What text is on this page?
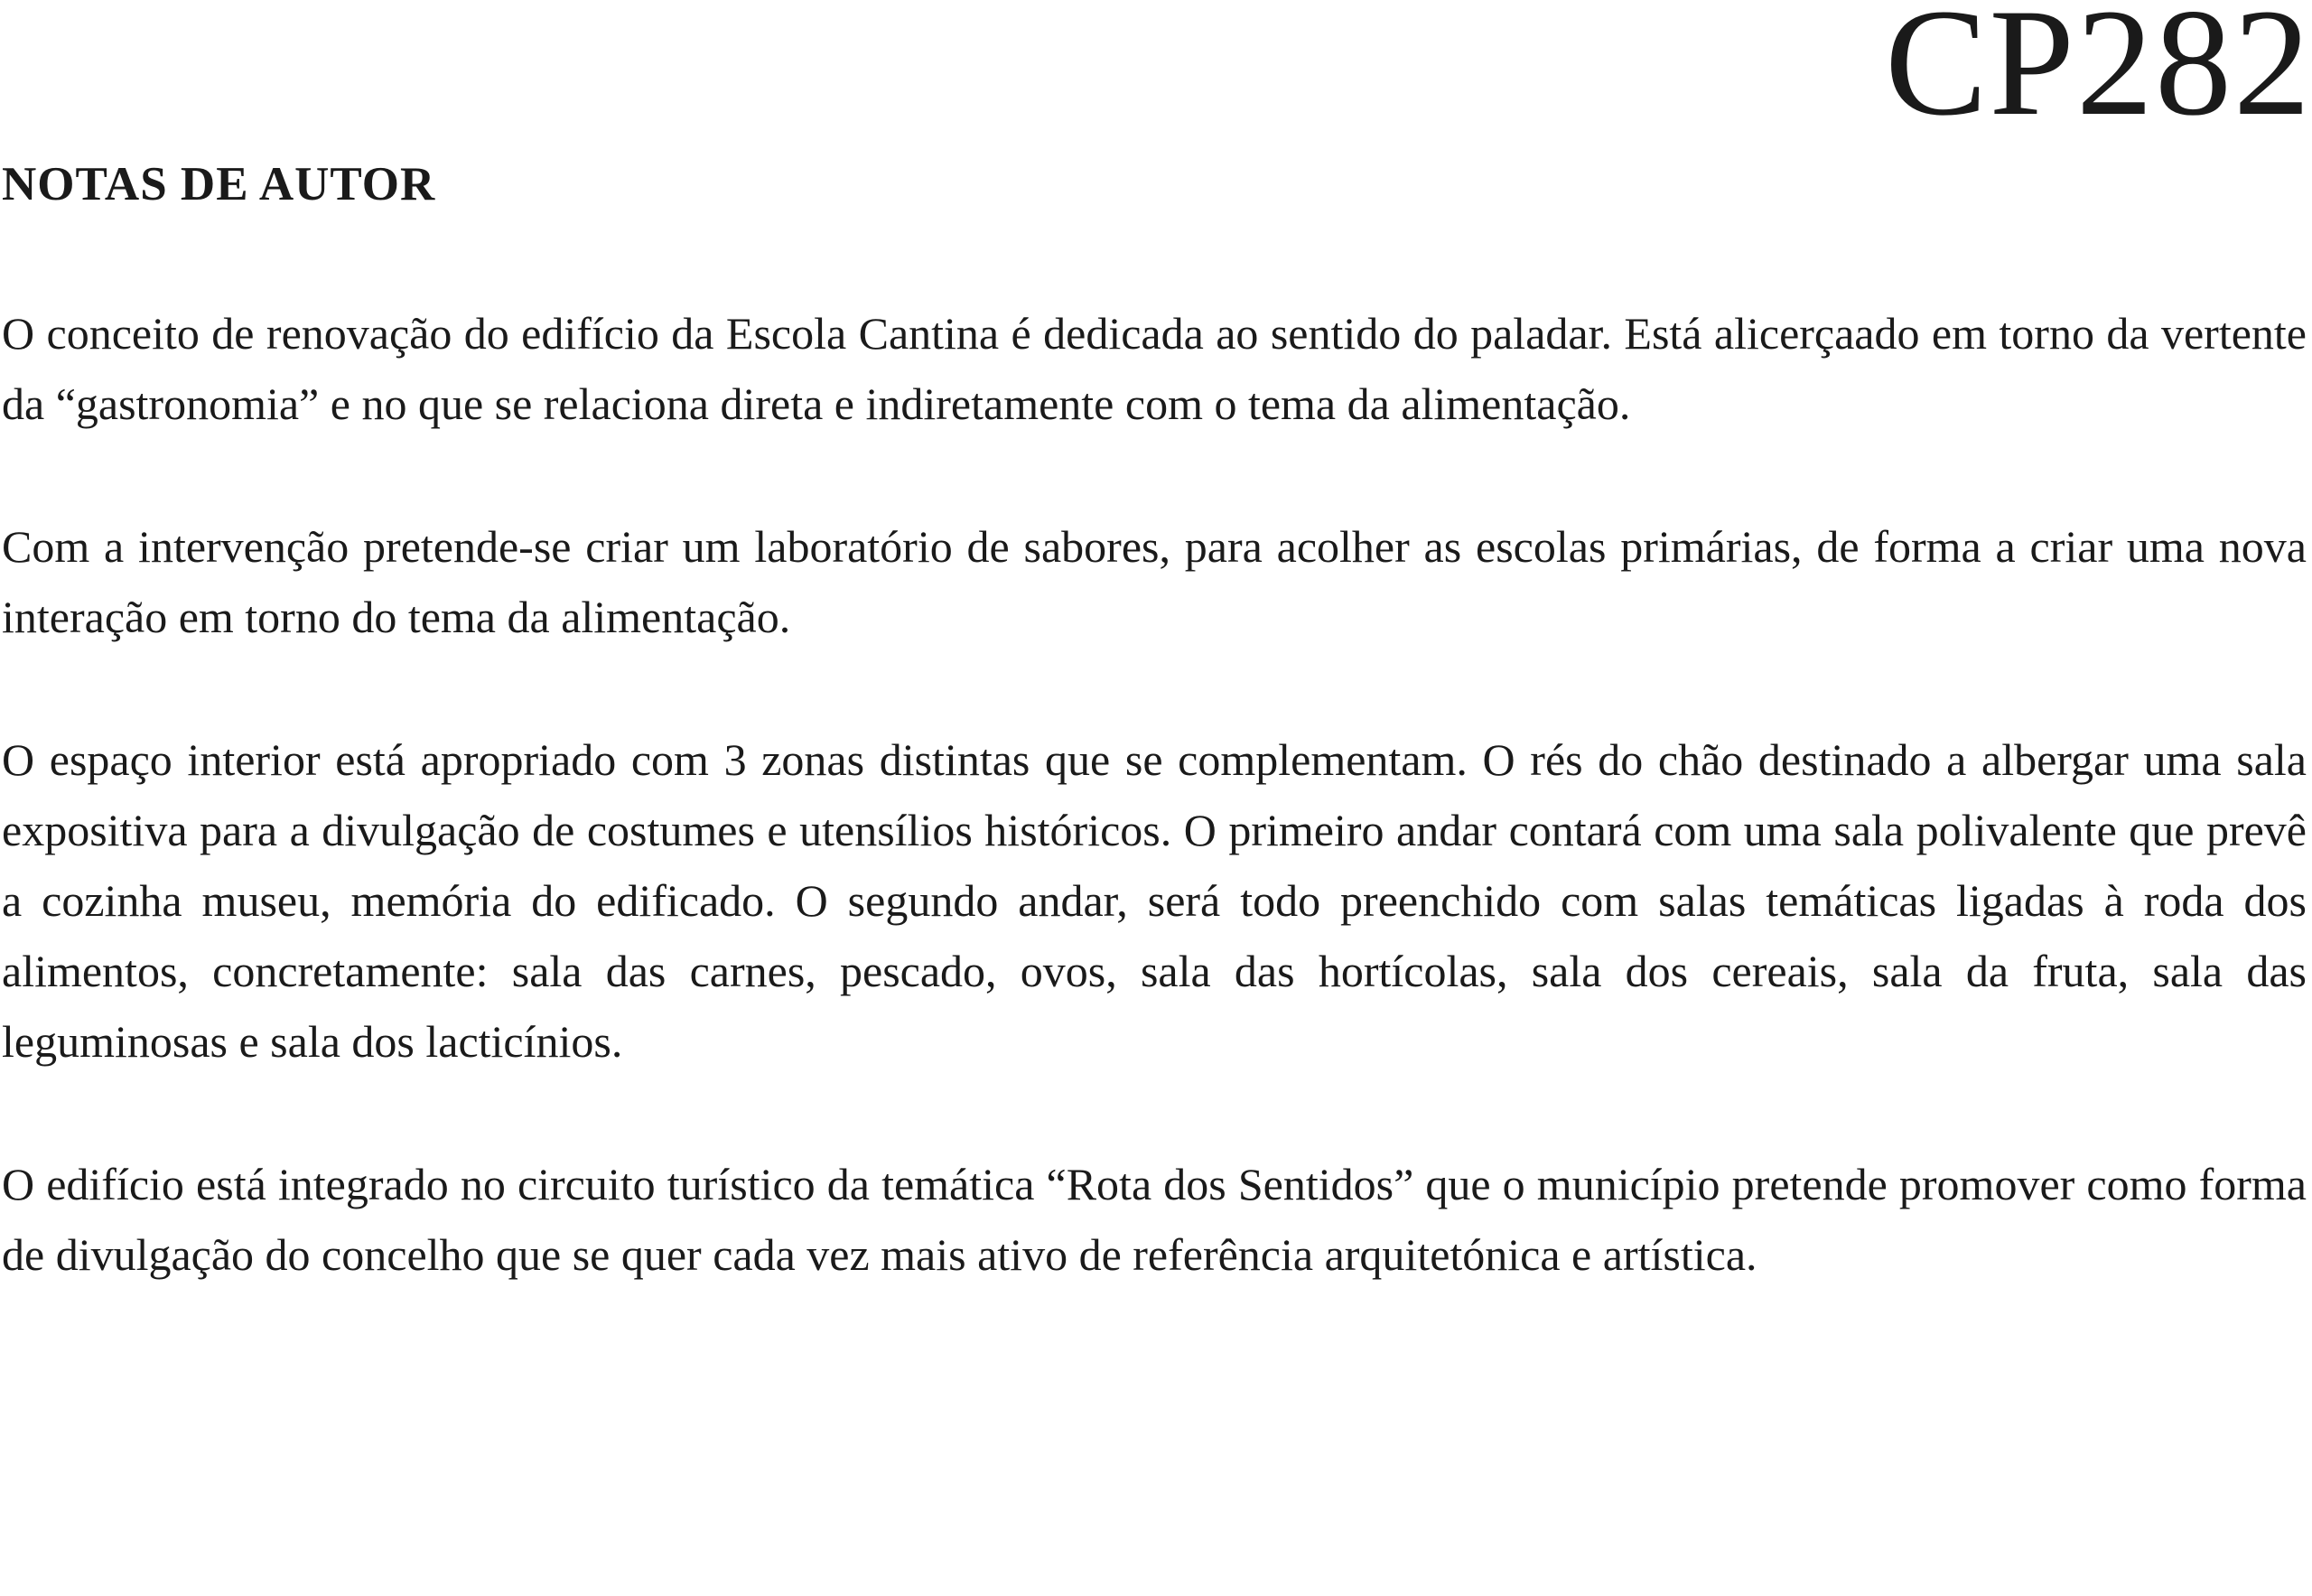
CP282
NOTAS DE AUTOR

O conceito de renovação do edifício da Escola Cantina é dedicada ao sentido do paladar. Está alicerçaado em torno da vertente da “gastronomia” e no que se relaciona direta e indiretamente com o tema da alimentação.

Com a intervenção pretende-se criar um laboratório de sabores, para acolher as escolas primárias, de forma a criar uma nova interação em torno do tema da alimentação.

O espaço interior está apropriado com 3 zonas distintas que se complementam. O rés do chão destinado a albergar uma sala expositiva para a divulgação de costumes e utensílios históricos. O primeiro andar contará com uma sala polivalente que prevê a cozinha museu, memória do edificado. O segundo andar, será todo preenchido com salas temáticas ligadas à roda dos alimentos, concretamente: sala das carnes, pescado, ovos, sala das hortícolas, sala dos cereais, sala da fruta, sala das leguminosas e sala dos lacticínios.

O edifício está integrado no circuito turístico da temática “Rota dos Sentidos” que o município pretende promover como forma de divulgação do concelho que se quer cada vez mais ativo de referência arquitetónica e artística.
